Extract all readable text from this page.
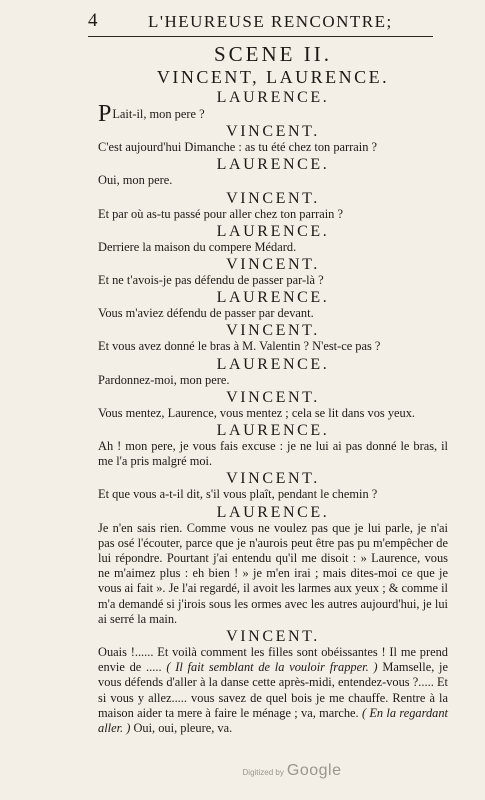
4	L'HEUREUSE RENCONTRE;
SCENE II.
VINCENT, LAURENCE.
LAURENCE.
PLait-il, mon pere ?
VINCENT.
C'est aujourd'hui Dimanche : as tu été chez ton parrain ?
LAURENCE.
Oui, mon pere.
VINCENT.
Et par où as-tu passé pour aller chez ton parrain ?
LAURENCE.
Derriere la maison du compere Médard.
VINCENT.
Et ne t'avois-je pas défendu de passer par-là ?
LAURENCE.
Vous m'aviez défendu de passer par devant.
VINCENT.
Et vous avez donné le bras à M. Valentin ? N'est-ce pas ?
LAURENCE.
Pardonnez-moi, mon pere.
VINCENT.
Vous mentez, Laurence, vous mentez ; cela se lit dans vos yeux.
LAURENCE.
Ah ! mon pere, je vous fais excuse : je ne lui ai pas donné le bras, il me l'a pris malgré moi.
VINCENT.
Et que vous a-t-il dit, s'il vous plaît, pendant le chemin ?
LAURENCE.
Je n'en sais rien. Comme vous ne voulez pas que je lui parle, je n'ai pas osé l'écouter, parce que je n'aurois peut être pas pu m'empêcher de lui répondre. Pourtant j'ai entendu qu'il me disoit : » Laurence, vous ne m'aimez plus : eh bien ! » je m'en irai ; mais dites-moi ce que je vous ai fait ». Je l'ai regardé, il avoit les larmes aux yeux ; & comme il m'a demandé si j'irois sous les ormes avec les autres aujourd'hui, je lui ai serré la main.
VINCENT.
Ouais !...... Et voilà comment les filles sont obéissantes ! Il me prend envie de ..... ( Il fait semblant de la vouloir frapper. ) Mamselle, je vous défends d'aller à la danse cette après-midi, entendez-vous ?..... Et si vous y allez..... vous savez de quel bois je me chauffe. Rentre à la maison aider ta mere à faire le ménage ; va, marche. ( En la regardant aller. ) Oui, oui, pleure, va.
Digitized by Google
